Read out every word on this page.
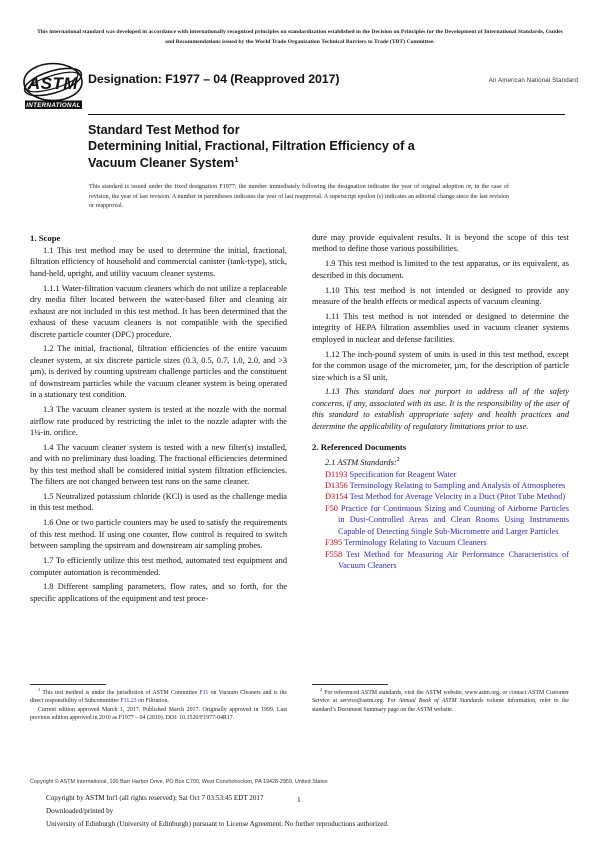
This international standard was developed in accordance with internationally recognized principles on standardization established in the Decision on Principles for the Development of International Standards, Guides and Recommendations issued by the World Trade Organization Technical Barriers to Trade (TBT) Committee.
ASTM
INTERNATIONAL
Designation: F1977 – 04 (Reapproved 2017)	An American National Standard
Standard Test Method for
Determining Initial, Fractional, Filtration Efficiency of a
Vacuum Cleaner System$^1$
This standard is issued under the fixed designation F1977; the number immediately following the designation indicates the year of original adoption or, in the case of revision, the year of last revision. A number in parentheses indicates the year of last reapproval. A superscript epsilon (ε) indicates an editorial change since the last revision or reapproval.
1. Scope

1.1 This test method may be used to determine the initial, fractional, filtration efficiency of household and commercial canister (tank-type), stick, hand-held, upright, and utility vacuum cleaner systems.

1.1.1 Water-filtration vacuum cleaners which do not utilize a replaceable dry media filter located between the water-based filter and cleaning air exhaust are not included in this test method. It has been determined that the exhaust of these vacuum cleaners is not compatible with the specified discrete particle counter (DPC) procedure.

1.2 The initial, fractional, filtration efficiencies of the entire vacuum cleaner system, at six discrete particle sizes (0.3, 0.5, 0.7, 1.0, 2.0, and >3 µm), is derived by counting upstream challenge particles and the constituent of downstream particles while the vacuum cleaner system is being operated in a stationary test condition.

1.3 The vacuum cleaner system is tested at the nozzle with the normal airflow rate produced by restricting the inlet to the nozzle adapter with the 1¼-in. orifice.

1.4 The vacuum cleaner system is tested with a new filter(s) installed, and with no preliminary dust loading. The fractional efficiencies determined by this test method shall be considered initial system filtration efficiencies. The filters are not changed between test runs on the same cleaner.

1.5 Neutralized potassium chloride (KCl) is used as the challenge media in this test method.

1.6 One or two particle counters may be used to satisfy the requirements of this test method. If using one counter, flow control is required to switch between sampling the upstream and downstream air sampling probes.

1.7 To efficiently utilize this test method, automated test equipment and computer automation is recommended.

1.8 Different sampling parameters, flow rates, and so forth, for the specific applications of the equipment and test proce-

dure may provide equivalent results. It is beyond the scope of this test method to define those various possibilities.

1.9 This test method is limited to the test apparatus, or its equivalent, as described in this document.

1.10 This test method is not intended or designed to provide any measure of the health effects or medical aspects of vacuum cleaning.

1.11 This test method is not intended or designed to determine the integrity of HEPA filtration assemblies used in vacuum cleaner systems employed in nuclear and defense facilities.

1.12 The inch-pound system of units is used in this test method, except for the common usage of the micrometer, µm, for the description of particle size which is a SI unit.

1.13 This standard does not purport to address all of the safety concerns, if any, associated with its use. It is the responsibility of the user of this standard to establish appropriate safety and health practices and determine the applicability of regulatory limitations prior to use.

2. Referenced Documents

2.1 ASTM Standards:$^2$

D1193 Specification for Reagent Water
D1356 Terminology Relating to Sampling and Analysis of Atmospheres
D3154 Test Method for Average Velocity in a Duct (Pitot Tube Method)
F50 Practice for Continuous Sizing and Counting of Airborne Particles in Dust-Controlled Areas and Clean Rooms Using Instruments Capable of Detecting Single Sub-Micrometre and Larger Particles
F395 Terminology Relating to Vacuum Cleaners
F558 Test Method for Measuring Air Performance Characteristics of Vacuum Cleaners

$^1$ This test method is under the jurisdiction of ASTM Committee F11 on Vacuum Cleaners and is the direct responsibility of Subcommittee F11.23 on Filtration.

Current edition approved March 1, 2017. Published March 2017. Originally approved in 1999. Last previous edition approved in 2010 as F1977 – 04 (2010). DOI: 10.1520/F1977-04R17.

$^2$ For referenced ASTM standards, visit the ASTM website, www.astm.org, or contact ASTM Customer Service at service@astm.org. For Annual Book of ASTM Standards volume information, refer to the standard’s Document Summary page on the ASTM website.

Copyright © ASTM International, 100 Barr Harbor Drive, PO Box C700, West Conshohocken, PA 19428-2959, United States
Copyright by ASTM Int'l (all rights reserved); Sat Oct 7 03:53:45 EDT 2017
Downloaded/printed by
University of Edinburgh (University of Edinburgh) pursuant to License Agreement. No further reproductions authorized.
1
